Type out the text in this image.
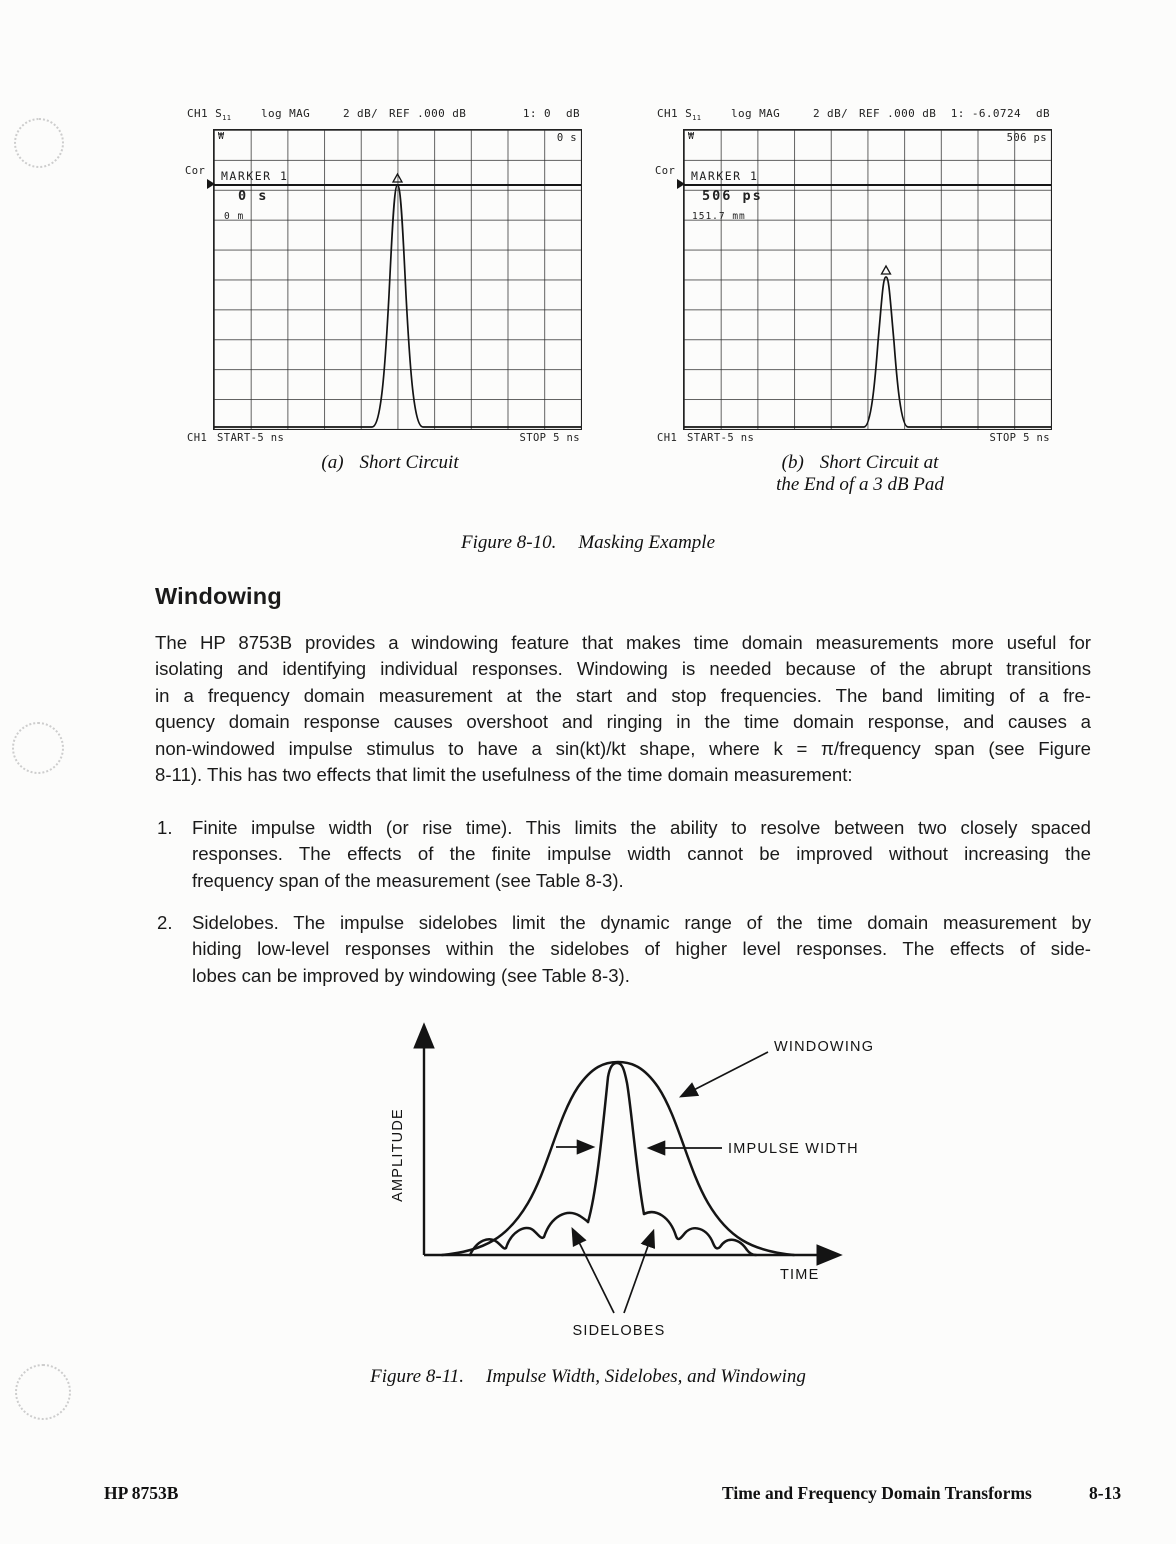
CH1 $S_{11}$	log MAG	2 dB/ REF .000 dB	1: 0 dB
Cor
₩	0 s
MARKER 1
0 s
0 m
CH1 START-5 ns	STOP 5 ns
CH1 $S_{11}$	log MAG	2 dB/ REF .000 dB 1: -6.0724 dB
Cor
₩	506 ps
MARKER 1
506 ps
151.7 mm
CH1 START-5 ns	STOP 5 ns
(a) Short Circuit	(b) Short Circuit at
the End of a 3 dB Pad
Figure 8-10. Masking Example
Windowing
The HP 8753B provides a windowing feature that makes time domain measurements more useful for
isolating and identifying individual responses. Windowing is needed because of the abrupt transitions
in a frequency domain measurement at the start and stop frequencies. The band limiting of a fre-
quency domain response causes overshoot and ringing in the time domain response, and causes a
non-windowed impulse stimulus to have a sin(kt)/kt shape, where k = π/frequency span (see Figure
8-11). This has two effects that limit the usefulness of the time domain measurement:
1. Finite impulse width (or rise time). This limits the ability to resolve between two closely spaced
responses. The effects of the finite impulse width cannot be improved without increasing the
frequency span of the measurement (see Table 8-3).
2. Sidelobes. The impulse sidelobes limit the dynamic range of the time domain measurement by
hiding low-level responses within the sidelobes of higher level responses. The effects of side-
lobes can be improved by windowing (see Table 8-3).
AMPLITUDE
TIME
WINDOWING
IMPULSE WIDTH
SIDELOBES
Figure 8-11. Impulse Width, Sidelobes, and Windowing
HP 8753B	Time and Frequency Domain Transforms	8-13
